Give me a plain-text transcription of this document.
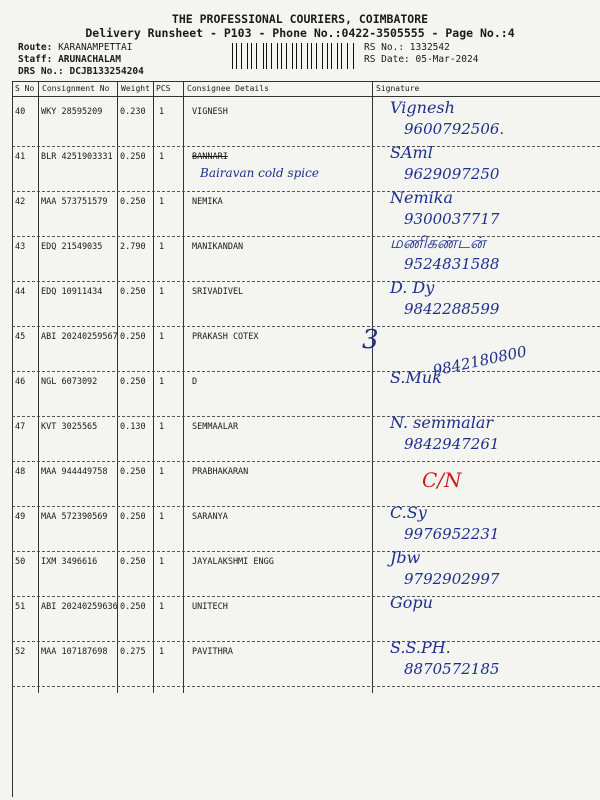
THE PROFESSIONAL COURIERS, COIMBATORE
Delivery Runsheet - P103 - Phone No.:0422-3505555 - Page No.:4
Route: KARANAMPETTAI
Staff: ARUNACHALAM
DRS No.: DCJB133254204
RS No.: 1332542
RS Date: 05-Mar-2024
S No Consignment No Weight PCS Consignee Details	Signature
40 WKY 28595209 0.230 1	VIGNESH	Vignesh
9600792506.
41 BLR 4251903331 0.250 1	BANNARI
Bairavan cold spice
SAml
9629097250
42 MAA 573751579 0.250 1	NEMIKA	Nemika
9300037717
43 EDQ 21549035 2.790 1	MANIKANDAN	மணிகண்டன்
9524831588
44 EDQ 10911434 0.250 1	SRIVADIVEL	D. Dy
9842288599
45 ABI 20240259567 0.250 1	PRAKASH COTEX	3
46 NGL 6073092	0.250 1	D	S.Muk
9842180800
47 KVT 3025565	0.130 1	SEMMAALAR	N. semmalar
9842947261
48 MAA 944449758 0.250 1	PRABHAKARAN	C/N
49 MAA 572390569 0.250 1	SARANYA	C.Sy
9976952231
50 IXM 3496616	0.250 1	JAYALAKSHMI ENGG	Jbw
9792902997
51 ABI 20240259636 0.250 1	UNITECH	Gopu
52 MAA 107187698 0.275 1	PAVITHRA	S.S.PH.
8870572185
